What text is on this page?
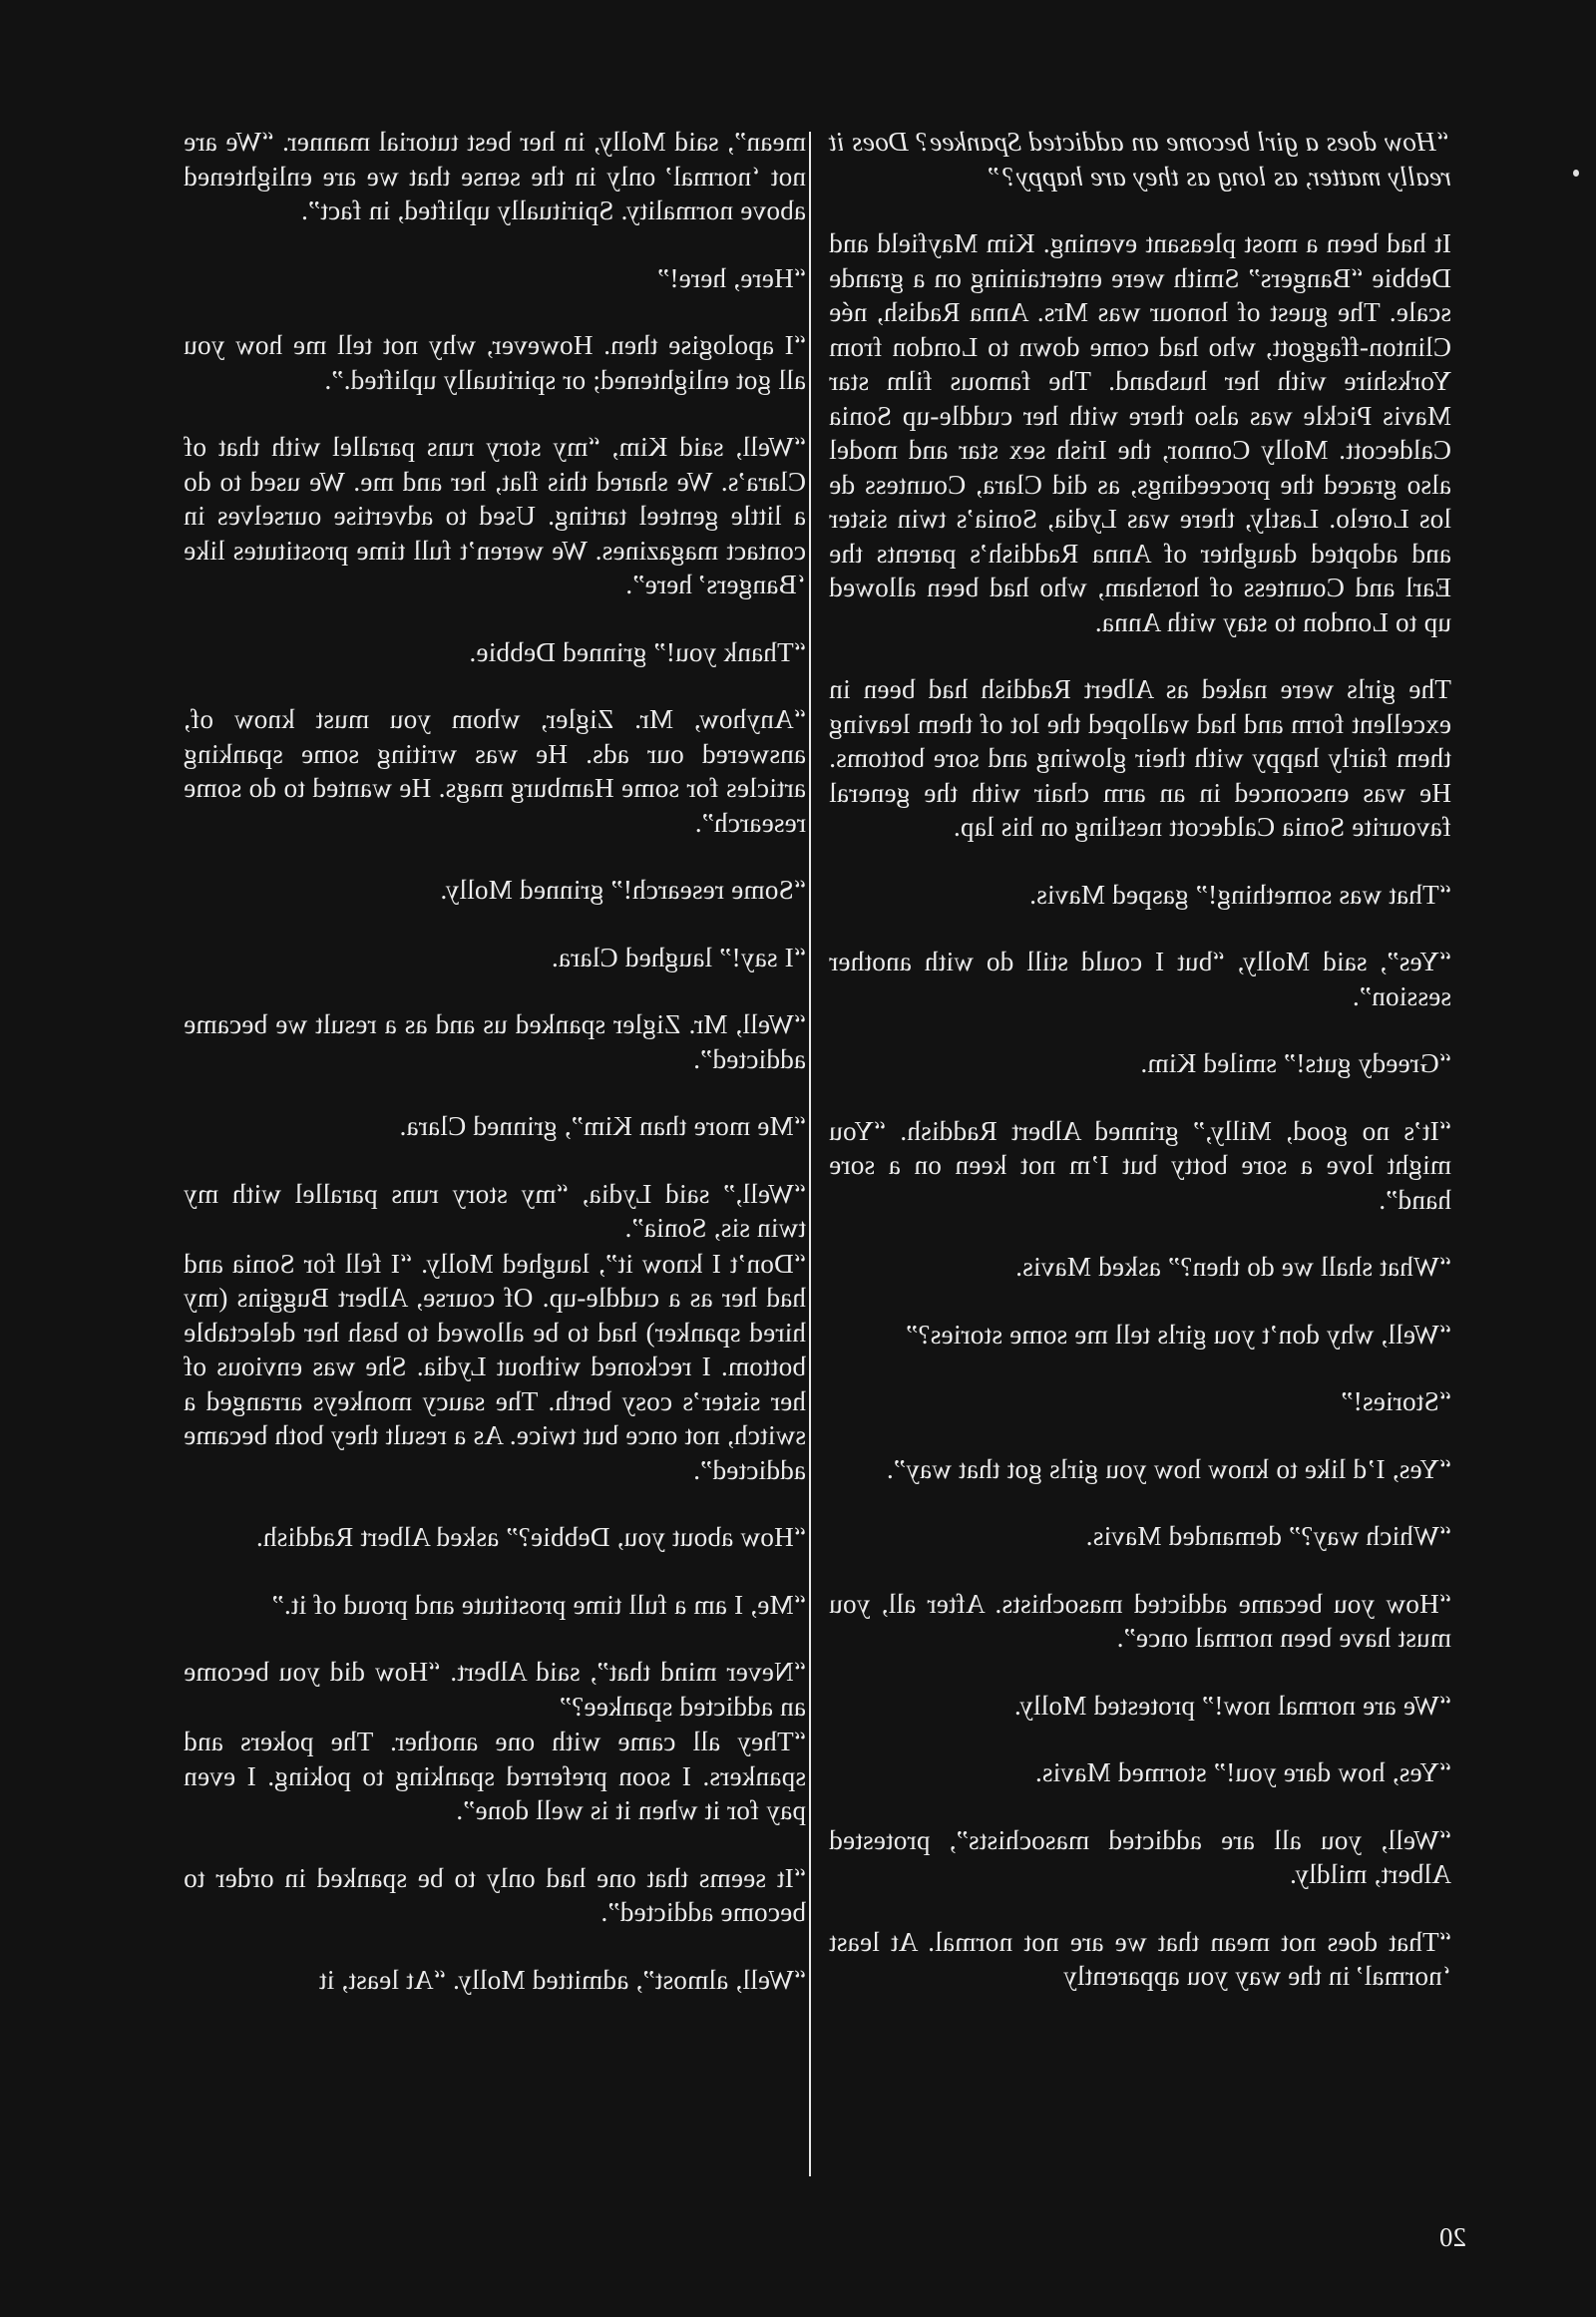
“How does a girl become an addicted Spankee? Does it really matter, as long as they are happy?”

It had been a most pleasant evening. Kim Mayfield and Debbie “Bangers” Smith were entertaining on a grande scale. The guest of honour was Mrs. Anna Radish, née Clinton-ffaggott, who had come down to London from Yorkshire with her husband. The famous film star Mavis Pickle was also there with her cuddle-up Sonia Caldecott. Molly Connor, the Irish sex star and model also graced the proceedings, as did Clara, Countess de los Lorelo. Lastly, there was Lydia, Sonia’s twin sister and adopted daughter of Anna Raddish’s parents the Earl and Countess of horsham, who had been allowed up to London to stay with Anna.

The girls were naked as Albert Raddish had been in excellent form and had walloped the lot of them leaving them fairly happy with their glowing and sore bottoms. He was ensconced in an arm chair with the general favourite Sonia Caldecott nestling on his lap.

“That was something!” gasped Mavis.

“Yes”, said Molly, “but I could still do with another session”.

“Greedy guts!” smiled Kim.

“It’s no good, Milly,” grinned Albert Raddish. “You might love a sore botty but I’m not keen on a sore hand”.

“What shall we do then?” asked Mavis.

“Well, why don’t you girls tell me some stories?”

“Stories!”

“Yes, I’d like to know how you girls got that way”.

“Which way?” demanded Mavis.

“How you became addicted masochists. After all, you must have been normal once”.

“We are normal now!” protested Molly.

“Yes, how dare you!” stormed Mavis.

“Well, you all are addicted masochists”, protested Albert, mildly.

“That does not mean that we are not normal. At least ‘normal’ in the way you apparently

mean”, said Molly, in her best tutorial manner. “We are not ‘normal’ only in the sense that we are enlightened above normality. Spiritually uplifted, in fact”.

“Here, here!”

“I apologise then. However, why not tell me how you all got enlightened; or spiritually uplifted.”.

“Well, said Kim, “my story runs parallel with that of Clara’s. We shared this flat, her and me. We used to do a little genteel tarting. Used to advertise ourselves in contact magazines. We weren’t full time prostitutes like ‘Bangers’ here”.

“Thank you!” grinned Debbie.

“Anyhow, Mr. Zigler, whom you must know of, answered our ads. He was writing some spanking articles for some Hamburg mags. He wanted to do some research”.

“Some research!” grinned Molly.

“I say!” laughed Clara.

“Well, Mr. Zigler spanked us and as a result we became addicted”.

“Me more than Kim”, grinned Clara.

“Well,” said Lydia, “my story runs parallel with my twin sis, Sonia”.

“Don’t I know it”, laughed Molly. “I fell for Sonia and had her as a cuddle-up. Of course, Albert Buggins (my hired spanker) had to be allowed to bash her delectable bottom. I reckoned without Lydia. She was envious of her sister’s cosy berth. The saucy monkeys arranged a switch, not once but twice. As a result they both became addicted”.

“How about you, Debbie?” asked Albert Raddish.

“Me, I am a full time prostitute and proud of it.”

“Never mind that”, said Albert. “How did you become an addicted spankee?”

“They all came with one another. The pokers and spankers. I soon preferred spanking to poking. I even pay for it when it is well done”.

“It seems that one had only to be spanked in order to become addicted”.

“Well, almost”, admitted Molly. “At least, it

20
